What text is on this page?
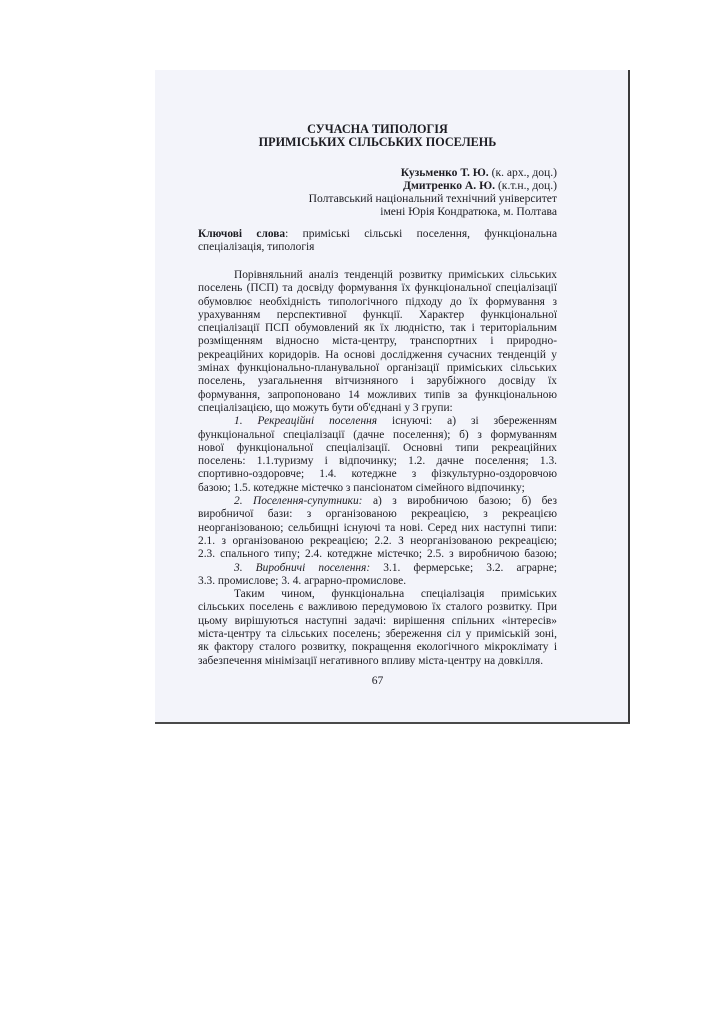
СУЧАСНА ТИПОЛОГІЯ
ПРИМІСЬКИХ СІЛЬСЬКИХ ПОСЕЛЕНЬ
Кузьменко Т. Ю. (к. арх., доц.)
Дмитренко А. Ю. (к.т.н., доц.)
Полтавський національний технічний університет
імені Юрія Кондратюка, м. Полтава
Ключові слова: приміські сільські поселення, функціональна
спеціалізація, типологія
Порівняльний аналіз тенденцій розвитку приміських сільських
поселень (ПСП) та досвіду формування їх функціональної спеціалізації
обумовлює необхідність типологічного підходу до їх формування з
урахуванням перспективної функції. Характер функціональної
спеціалізації ПСП обумовлений як їх людністю, так і територіальним
розміщенням відносно міста-центру, транспортних і природно-
рекреаційних коридорів. На основі дослідження сучасних тенденцій у
змінах функціонально-планувальної організації приміських сільських
поселень, узагальнення вітчизняного і зарубіжного досвіду їх
формування, запропоновано 14 можливих типів за функціональною
спеціалізацією, що можуть бути об'єднані у 3 групи:
1. Рекреаційні поселення існуючі: а) зі збереженням
функціональної спеціалізації (дачне поселення); б) з формуванням
нової функціональної спеціалізації. Основні типи рекреаційних
поселень: 1.1.туризму і відпочинку; 1.2. дачне поселення; 1.3.
спортивно-оздоровче; 1.4. котеджне з фізкультурно-оздоровчою
базою; 1.5. котеджне містечко з пансіонатом сімейного відпочинку;
2. Поселення-супутники: а) з виробничою базою; б) без
виробничої бази: з організованою рекреацією, з рекреацією
неорганізованою; сельбищні існуючі та нові. Серед них наступні типи:
2.1. з організованою рекреацією; 2.2. З неорганізованою рекреацією;
2.3. спального типу; 2.4. котеджне містечко; 2.5. з виробничою базою;
3. Виробничі поселення: 3.1. фермерське; 3.2. аграрне;
3.3. промислове; 3. 4. аграрно-промислове.
Таким чином, функціональна спеціалізація приміських
сільських поселень є важливою передумовою їх сталого розвитку. При
цьому вирішуються наступні задачі: вирішення спільних «інтересів»
міста-центру та сільських поселень; збереження сіл у приміській зоні,
як фактору сталого розвитку, покращення екологічного мікроклімату і
забезпечення мінімізації негативного впливу міста-центру на довкілля.
67
